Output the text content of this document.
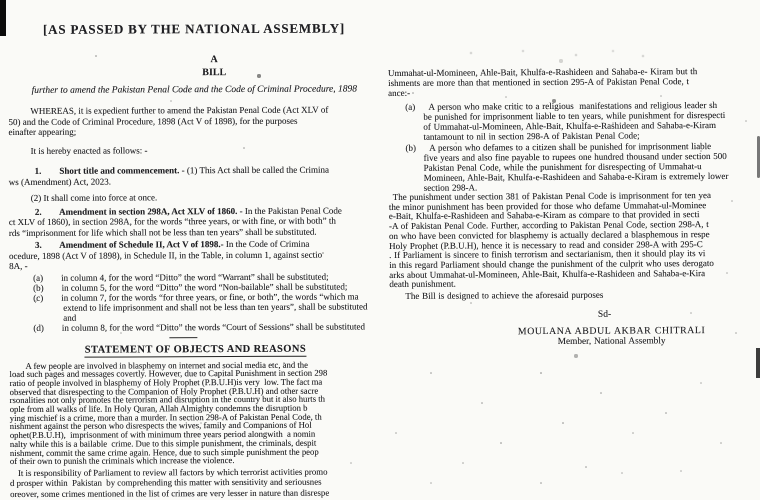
[AS PASSED BY THE NATIONAL ASSEMBLY]
A
BILL
further to amend the Pakistan Penal Code and the Code of Criminal Procedure, 1898
WHEREAS, it is expedient further to amend the Pakistan Penal Code (Act XLV of
50) and the Code of Criminal Procedure, 1898 (Act V of 1898), for the purposes
einafter appearing;
It is hereby enacted as follows: -
1.        Short title and commencement. - (1) This Act shall be called the Crimina
ws (Amendment) Act, 2023.
(2) It shall come into force at once.
2.        Amendment in section 298A, Act XLV of 1860. - In the Pakistan Penal Code
ct XLV of 1860), in section 298A, for the words “three years, or with fine, or with both” th
rds “imprisonment for life which shall not be less than ten years” shall be substituted.
3.        Amendment of Schedule II, Act V of 1898.- In the Code of Crimina
ocedure, 1898 (Act V of 1898), in Schedule II, in the Table, in column 1, against sectio
8A, -
(a)        in column 4, for the word “Ditto” the word “Warrant” shall be substituted;
(b)        in column 5, for the word “Ditto” the word “Non-bailable” shall be substituted;
(c)        in column 7, for the words “for three years, or fine, or both”, the words “which ma
extend to life imprisonment and shall not be less than ten years”, shall be substituted
and
(d)        in column 8, for the word “Ditto” the words “Court of Sessions” shall be substituted
STATEMENT OF OBJECTS AND REASONS
A few people are involved in blasphemy on internet and social media etc, and the
load such pages and messages covertly. However, due to Capital Punishment in section 298
ratio of people involved in blasphemy of Holy Prophet (P.B.U.H)is very  low. The fact ma
observed that disrespecting to the Companion of Holy Prophet (P.B.U.H) and other sacre
rsonalities not only promotes the terrorism and disruption in the country but it also hurts th
ople from all walks of life. In Holy Quran, Allah Almighty condemns the disruption b
ying mischief is a crime, more than a murder. In section 298-A of Pakistan Penal Code, th
nishment against the person who disrespects the wives, family and Companions of Hol
ophet(P.B.U.H),  imprisonment of with minimum three years period alongwith  a nomin
nalty while this is a bailable  crime. Due to this simple punishment, the criminals, despit
nishment, commit the same crime again. Hence, due to such simple punishment the peop
of their own to punish the criminals which increase the violence.
It is responsibility of Parliament to review all factors by which terrorist activities promo
d prosper within  Pakistan  by comprehending this matter with sensitivity and seriousnes
oreover, some crimes mentioned in the list of crimes are very lesser in nature than disrespe
Ummahat-ul-Momineen, Ahle-Bait, Khulfa-e-Rashideen and Sahaba-e- Kiram but th
ishments are more than that mentioned in section 295-A of Pakistan Penal Code, t
ance:-
(a)     A person who make critic to a religious  manifestations and religious leader sh
be punished for imprisonment liable to ten years, while punishment for disrespecti
of Ummahat-ul-Momineen, Ahle-Bait, Khulfa-e-Rashideen and Sahaba-e-Kiram
tantamount to nil in section 298-A of Pakistan Penal Code;
(b)     A person who defames to a citizen shall be punished for imprisonment liable
five years and also fine payable to rupees one hundred thousand under section 500
Pakistan Penal Code, while the punishment for disrespecting of Ummahat-u
Momineen, Ahle-Bait, Khulfa-e-Rashideen and Sahaba-e-Kiram is extremely lower
section 298-A.
The punishment under section 381 of Pakistan Penal Code is imprisonment for ten yea
the minor punishment has been provided for those who defame Ummahat-ul-Mominee
e-Bait, Khulfa-e-Rashideen and Sahaba-e-Kiram as compare to that provided in secti
-A of Pakistan Penal Code. Further, according to Pakistan Penal Code, section 298-A, t
on who have been convicted for blasphemy is actually declared a blasphemous in respe
Holy Prophet (P.B.U.H), hence it is necessary to read and consider 298-A with 295-C
. If Parliament is sincere to finish terrorism and sectarianism, then it should play its vi
in this regard Parliament should change the punishment of the culprit who uses derogato
arks about Ummahat-ul-Momineen, Ahle-Bait, Khulfa-e-Rashideen and Sahaba-e-Kira
death punishment.
The Bill is designed to achieve the aforesaid purposes
Sd-
MOULANA ABDUL AKBAR CHITRALI
Member, National Assembly
